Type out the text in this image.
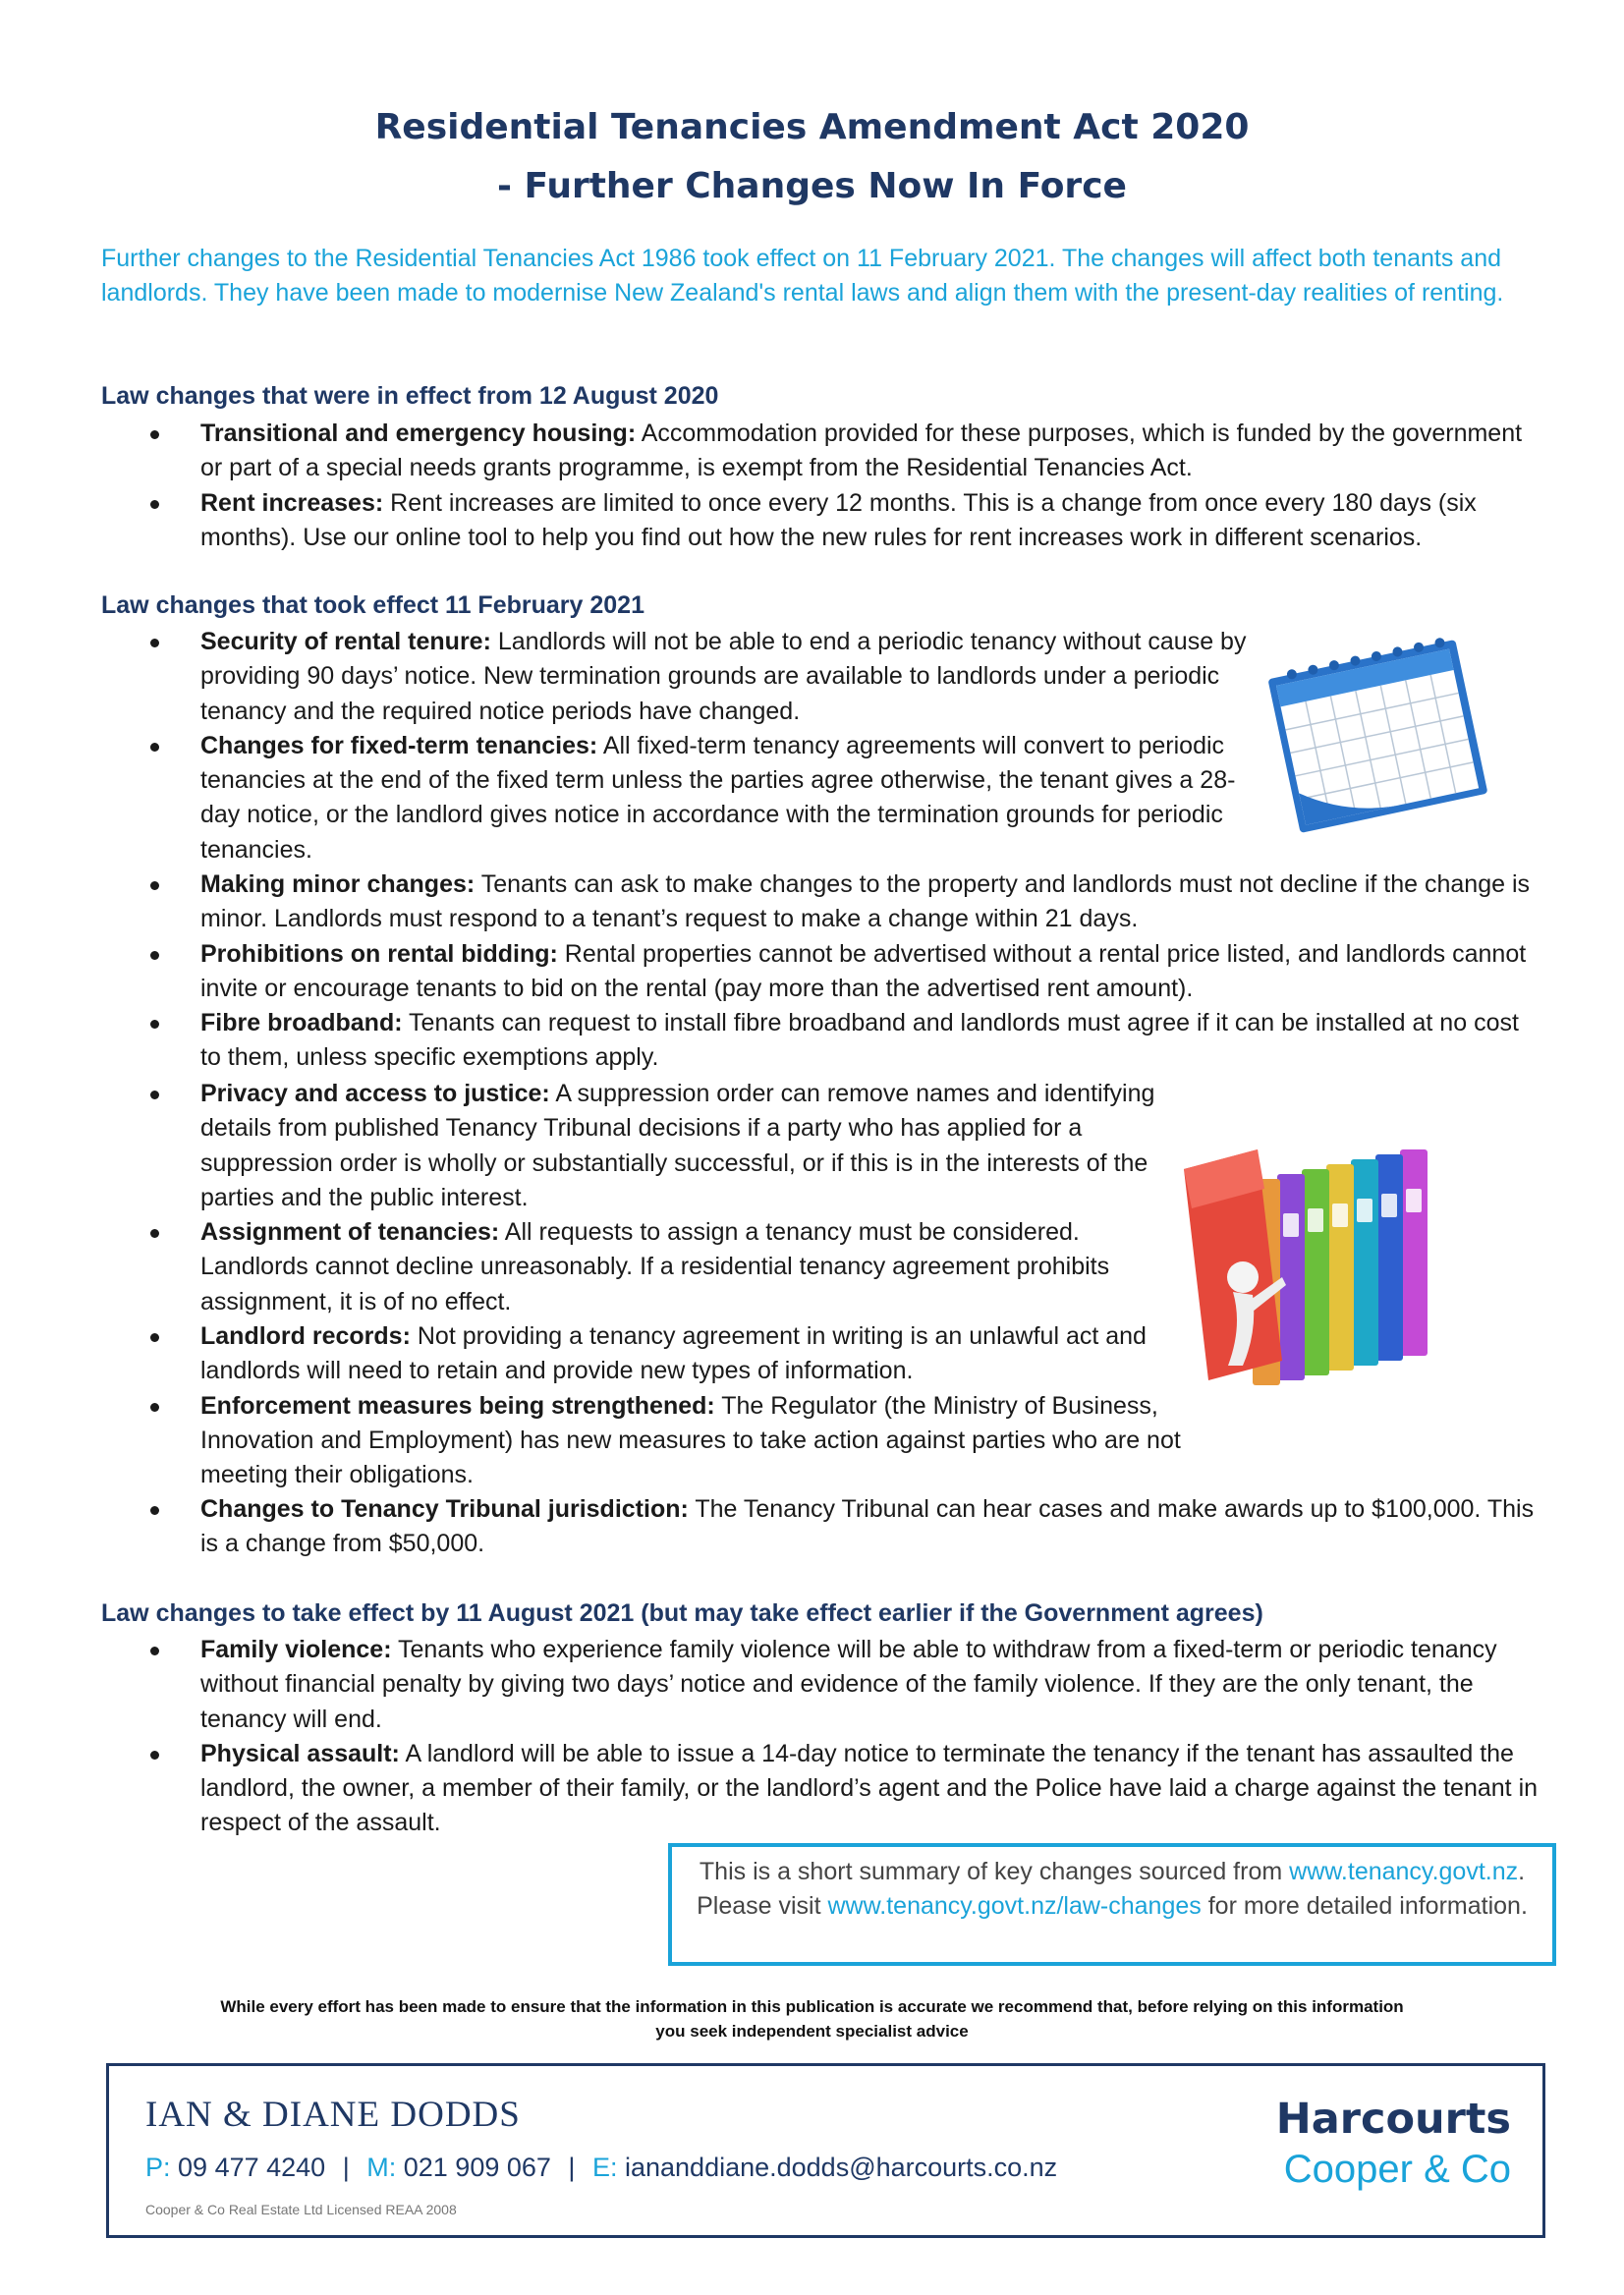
Residential Tenancies Amendment Act 2020
- Further Changes Now In Force

Further changes to the Residential Tenancies Act 1986 took effect on 11 February 2021. The changes will affect both tenants and landlords. They have been made to modernise New Zealand's rental laws and align them with the present-day realities of renting.

Law changes that were in effect from 12 August 2020
Transitional and emergency housing: Accommodation provided for these purposes, which is funded by the government or part of a special needs grants programme, is exempt from the Residential Tenancies Act.
Rent increases: Rent increases are limited to once every 12 months. This is a change from once every 180 days (six months). Use our online tool to help you find out how the new rules for rent increases work in different scenarios.
Law changes that took effect 11 February 2021
Security of rental tenure: Landlords will not be able to end a periodic tenancy without cause by providing 90 days’ notice. New termination grounds are available to landlords under a periodic tenancy and the required notice periods have changed.
Changes for fixed-term tenancies: All fixed-term tenancy agreements will convert to periodic tenancies at the end of the fixed term unless the parties agree otherwise, the tenant gives a 28-day notice, or the landlord gives notice in accordance with the termination grounds for periodic tenancies.
Making minor changes: Tenants can ask to make changes to the property and landlords must not decline if the change is minor. Landlords must respond to a tenant’s request to make a change within 21 days.
Prohibitions on rental bidding: Rental properties cannot be advertised without a rental price listed, and landlords cannot invite or encourage tenants to bid on the rental (pay more than the advertised rent amount).
Fibre broadband: Tenants can request to install fibre broadband and landlords must agree if it can be installed at no cost to them, unless specific exemptions apply.
Privacy and access to justice: A suppression order can remove names and identifying details from published Tenancy Tribunal decisions if a party who has applied for a suppression order is wholly or substantially successful, or if this is in the interests of the parties and the public interest.
Assignment of tenancies: All requests to assign a tenancy must be considered. Landlords cannot decline unreasonably. If a residential tenancy agreement prohibits assignment, it is of no effect.
Landlord records: Not providing a tenancy agreement in writing is an unlawful act and landlords will need to retain and provide new types of information.
Enforcement measures being strengthened: The Regulator (the Ministry of Business, Innovation and Employment) has new measures to take action against parties who are not meeting their obligations.
Changes to Tenancy Tribunal jurisdiction: The Tenancy Tribunal can hear cases and make awards up to $100,000. This is a change from $50,000.
Law changes to take effect by 11 August 2021 (but may take effect earlier if the Government agrees)
Family violence: Tenants who experience family violence will be able to withdraw from a fixed-term or periodic tenancy without financial penalty by giving two days’ notice and evidence of the family violence. If they are the only tenant, the tenancy will end.
Physical assault: A landlord will be able to issue a 14-day notice to terminate the tenancy if the tenant has assaulted the landlord, the owner, a member of their family, or the landlord’s agent and the Police have laid a charge against the tenant in respect of the assault.
This is a short summary of key changes sourced from www.tenancy.govt.nz.
Please visit www.tenancy.govt.nz/law-changes for more detailed information.
While every effort has been made to ensure that the information in this publication is accurate we recommend that, before relying on this information
you seek independent specialist advice
IAN & DIANE DODDS
P: 09 477 4240 | M: 021 909 067 | E: iananddiane.dodds@harcourts.co.nz
Cooper & Co Real Estate Ltd Licensed REAA 2008
Harcourts
Cooper & Co
